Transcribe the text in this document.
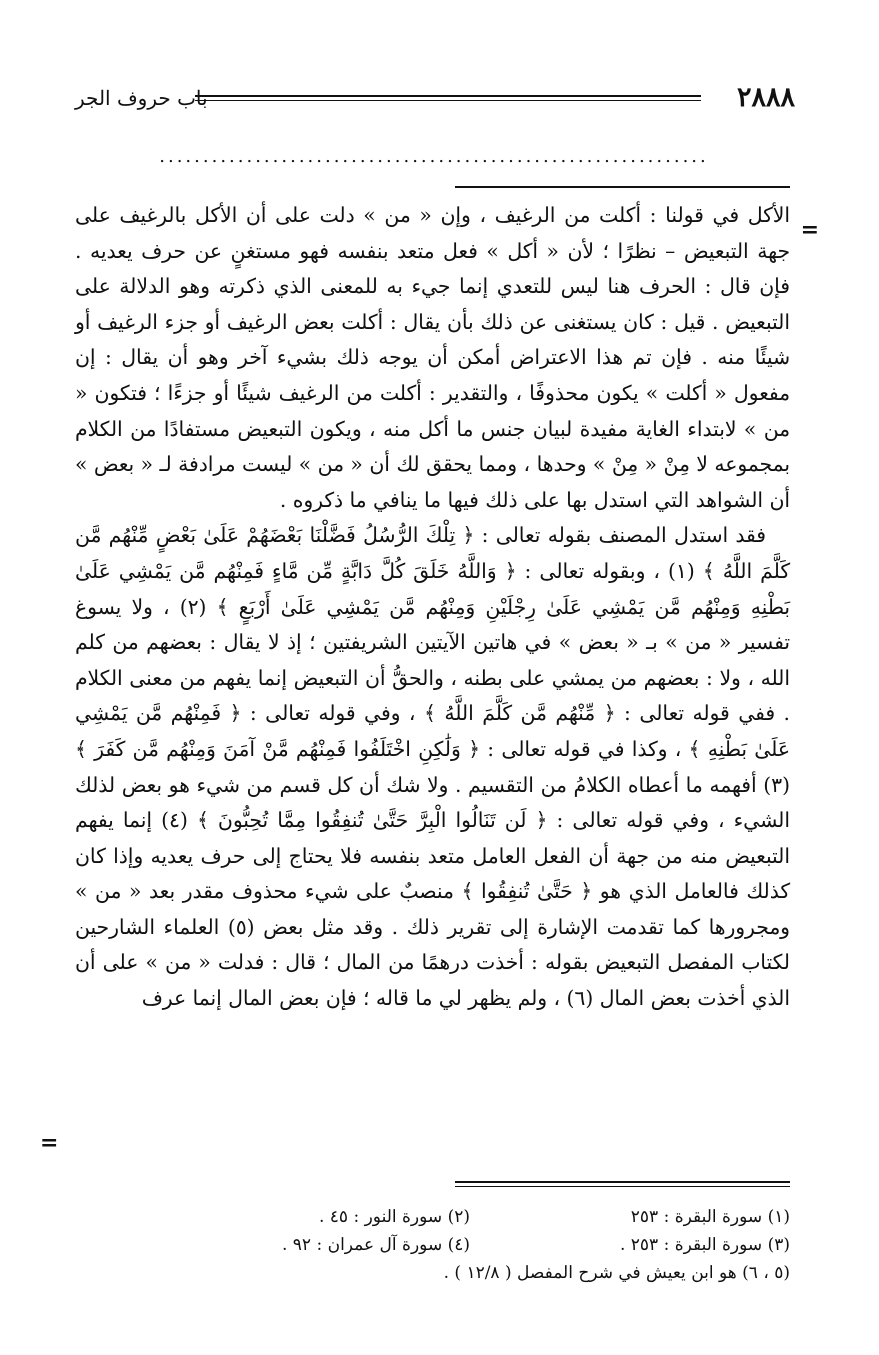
٢٨٨٨
باب حروف الجر
...............................................................
=

الأكل في قولنا : أكلت من الرغيف ، وإن « من » دلت على أن الأكل بالرغيف على جهة التبعيض – نظرًا ؛ لأن « أكل » فعل متعد بنفسه فهو مستغنٍ عن حرف يعديه . فإن قال : الحرف هنا ليس للتعدي إنما جيء به للمعنى الذي ذكرته وهو الدلالة على التبعيض . قيل : كان يستغنى عن ذلك بأن يقال : أكلت بعض الرغيف أو جزء الرغيف أو شيئًا منه . فإن تم هذا الاعتراض أمكن أن يوجه ذلك بشيء آخر وهو أن يقال : إن مفعول « أكلت » يكون محذوفًا ، والتقدير : أكلت من الرغيف شيئًا أو جزءًا ؛ فتكون « من » لابتداء الغاية مفيدة لبيان جنس ما أكل منه ، ويكون التبعيض مستفادًا من الكلام بمجموعه لا مِنْ « مِنْ » وحدها ، ومما يحقق لك أن « من » ليست مرادفة لـ « بعض » أن الشواهد التي استدل بها على ذلك فيها ما ينافي ما ذكروه .

فقد استدل المصنف بقوله تعالى : ﴿ تِلْكَ الرُّسُلُ فَضَّلْنَا بَعْضَهُمْ عَلَىٰ بَعْضٍ مِّنْهُم مَّن كَلَّمَ اللَّهُ ﴾ (١) ، وبقوله تعالى : ﴿ وَاللَّهُ خَلَقَ كُلَّ دَابَّةٍ مِّن مَّاءٍ فَمِنْهُم مَّن يَمْشِي عَلَىٰ بَطْنِهِ وَمِنْهُم مَّن يَمْشِي عَلَىٰ رِجْلَيْنِ وَمِنْهُم مَّن يَمْشِي عَلَىٰ أَرْبَعٍ ﴾ (٢) ، ولا يسوغ تفسير « من » بـ « بعض » في هاتين الآيتين الشريفتين ؛ إذ لا يقال : بعضهم من كلم الله ، ولا : بعضهم من يمشي على بطنه ، والحقُّ أن التبعيض إنما يفهم من معنى الكلام . ففي قوله تعالى : ﴿ مِّنْهُم مَّن كَلَّمَ اللَّهُ ﴾ ، وفي قوله تعالى : ﴿ فَمِنْهُم مَّن يَمْشِي عَلَىٰ بَطْنِهِ ﴾ ، وكذا في قوله تعالى : ﴿ وَلَٰكِنِ اخْتَلَفُوا فَمِنْهُم مَّنْ آمَنَ وَمِنْهُم مَّن كَفَرَ ﴾ (٣) أفهمه ما أعطاه الكلامُ من التقسيم . ولا شك أن كل قسم من شيء هو بعض لذلك الشيء ، وفي قوله تعالى : ﴿ لَن تَنَالُوا الْبِرَّ حَتَّىٰ تُنفِقُوا مِمَّا تُحِبُّونَ ﴾ (٤) إنما يفهم التبعيض منه من جهة أن الفعل العامل متعد بنفسه فلا يحتاج إلى حرف يعديه وإذا كان كذلك فالعامل الذي هو ﴿ حَتَّىٰ تُنفِقُوا ﴾ منصبٌ على شيء محذوف مقدر بعد « من » ومجرورها كما تقدمت الإشارة إلى تقرير ذلك . وقد مثل بعض (٥) العلماء الشارحين لكتاب المفصل التبعيض بقوله : أخذت درهمًا من المال ؛ قال : فدلت « من » على أن الذي أخذت بعض المال (٦) ، ولم يظهر لي ما قاله ؛ فإن بعض المال إنما عرف

=
(١) سورة البقرة : ٢٥٣
(٢) سورة النور : ٤٥ .
(٣) سورة البقرة : ٢٥٣ .
(٤) سورة آل عمران : ٩٢ .
(٥ ، ٦) هو ابن يعيش في شرح المفصل ( ١٢/٨ ) .
